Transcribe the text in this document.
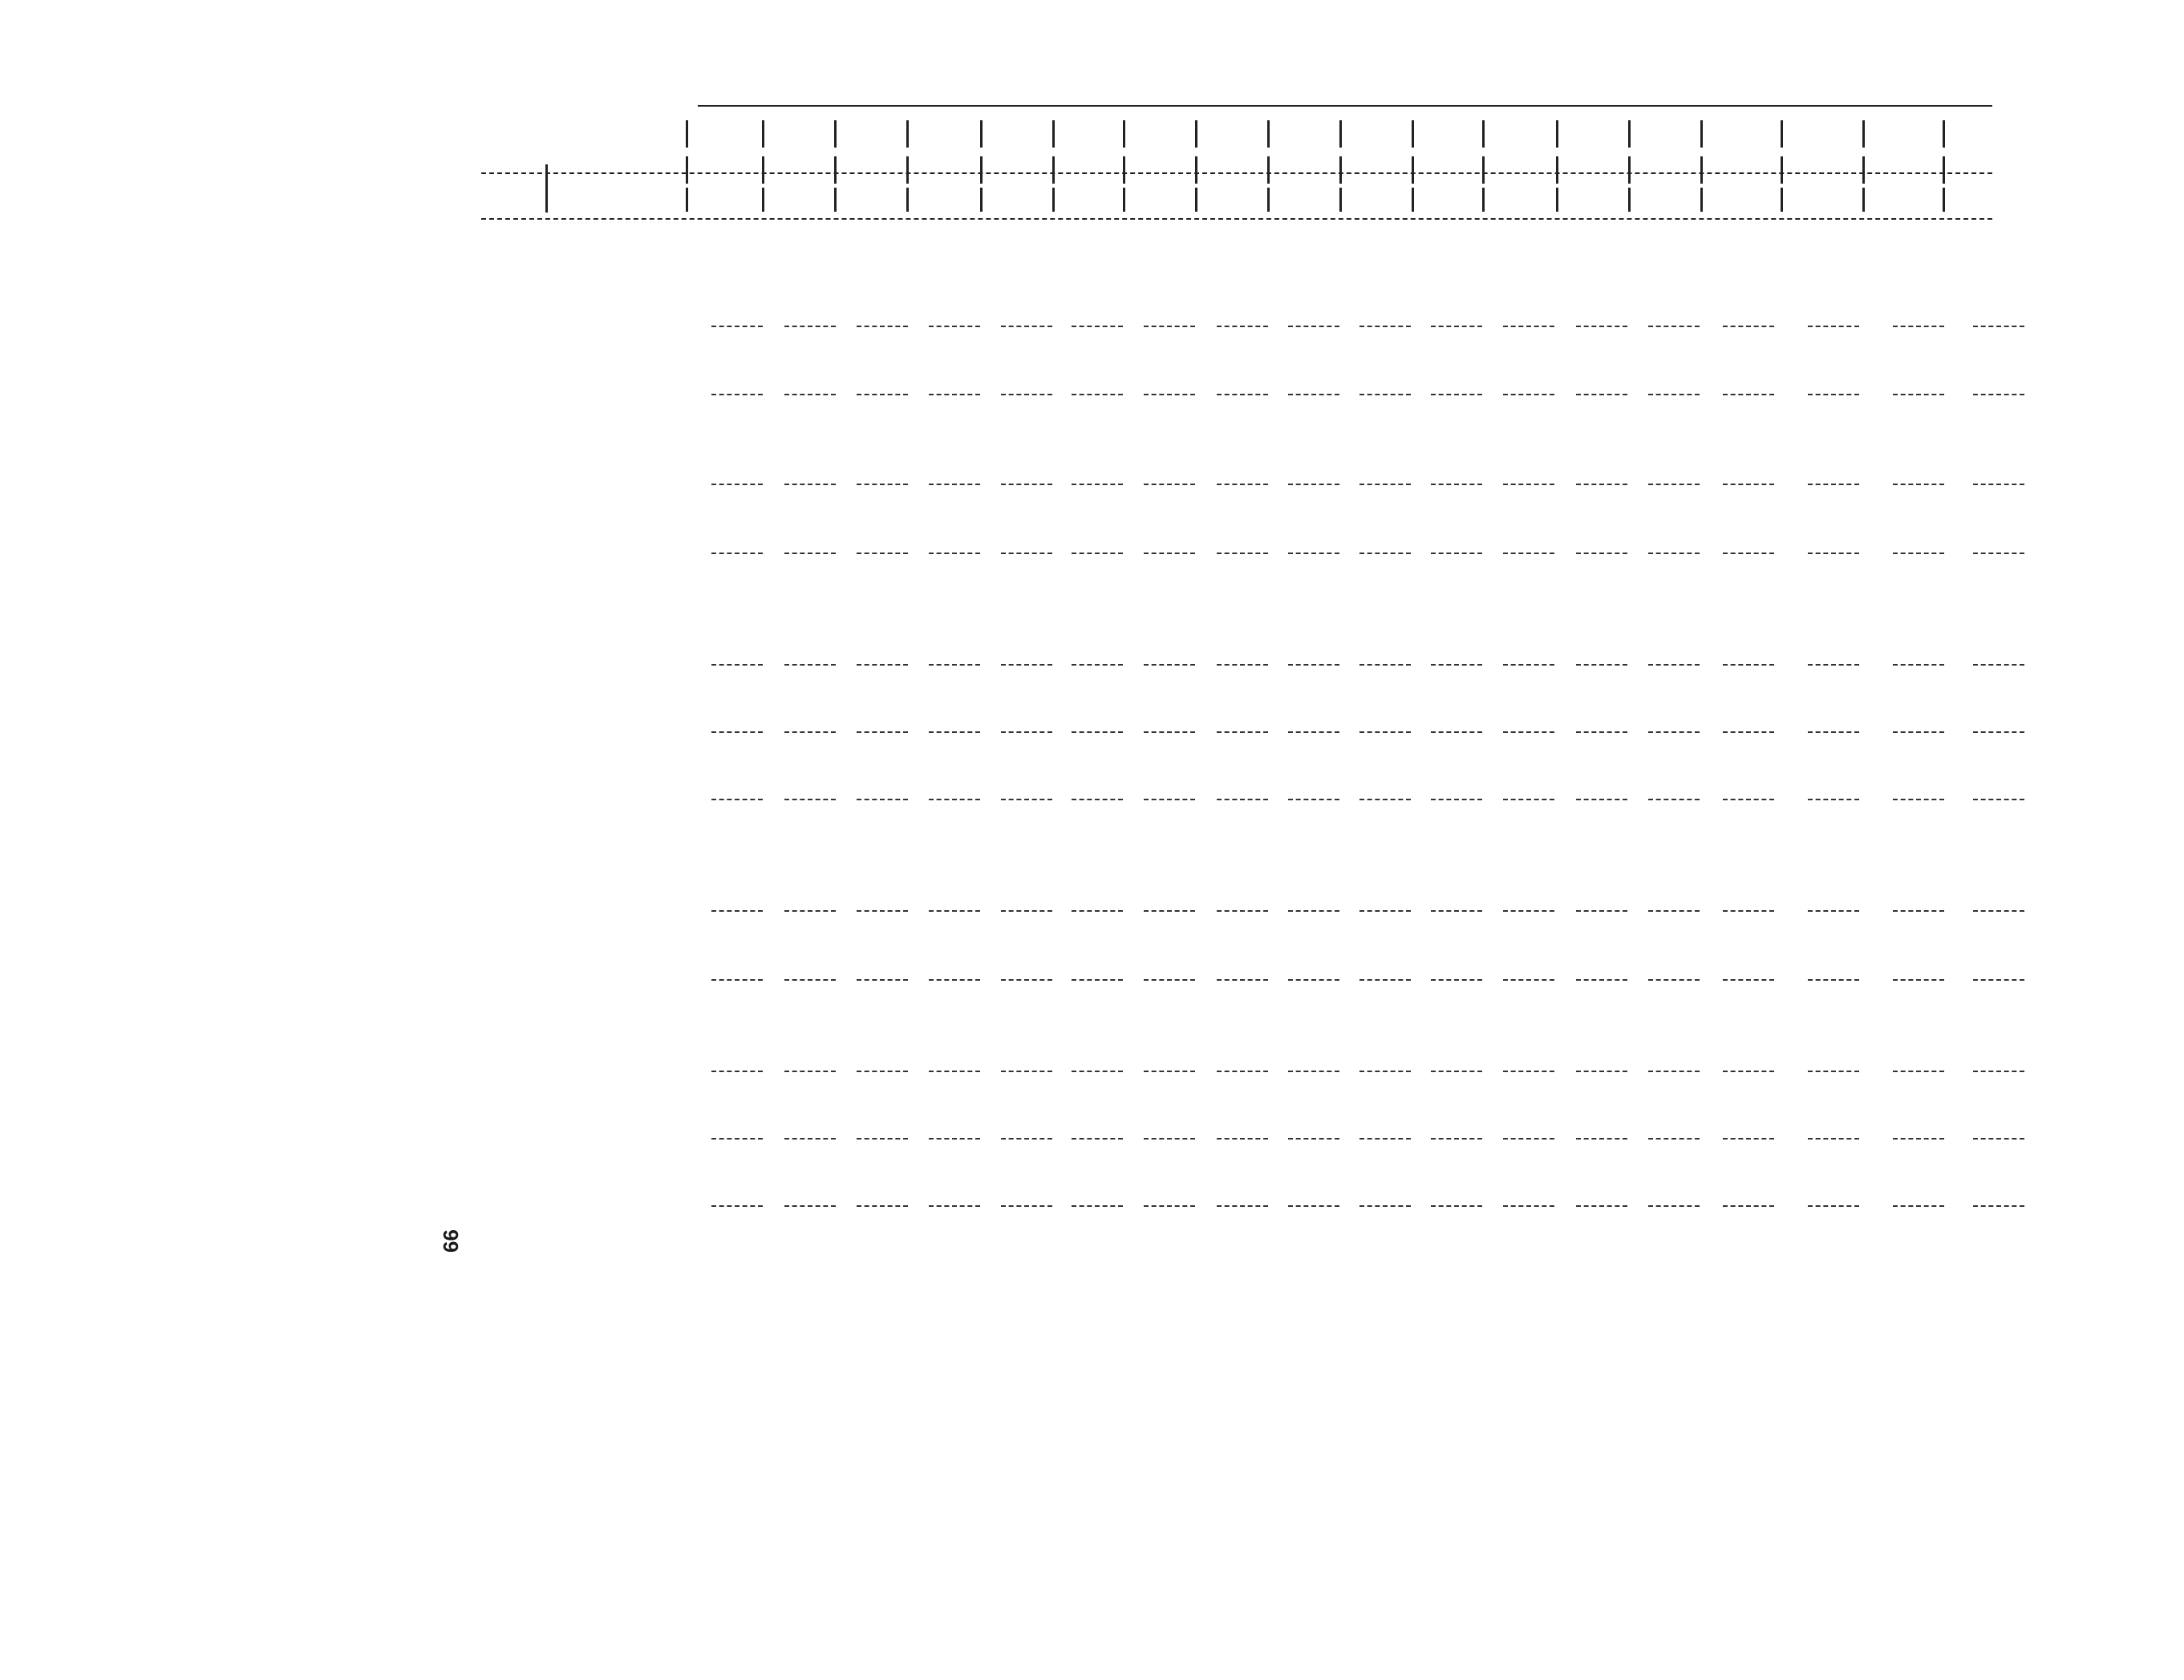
66
